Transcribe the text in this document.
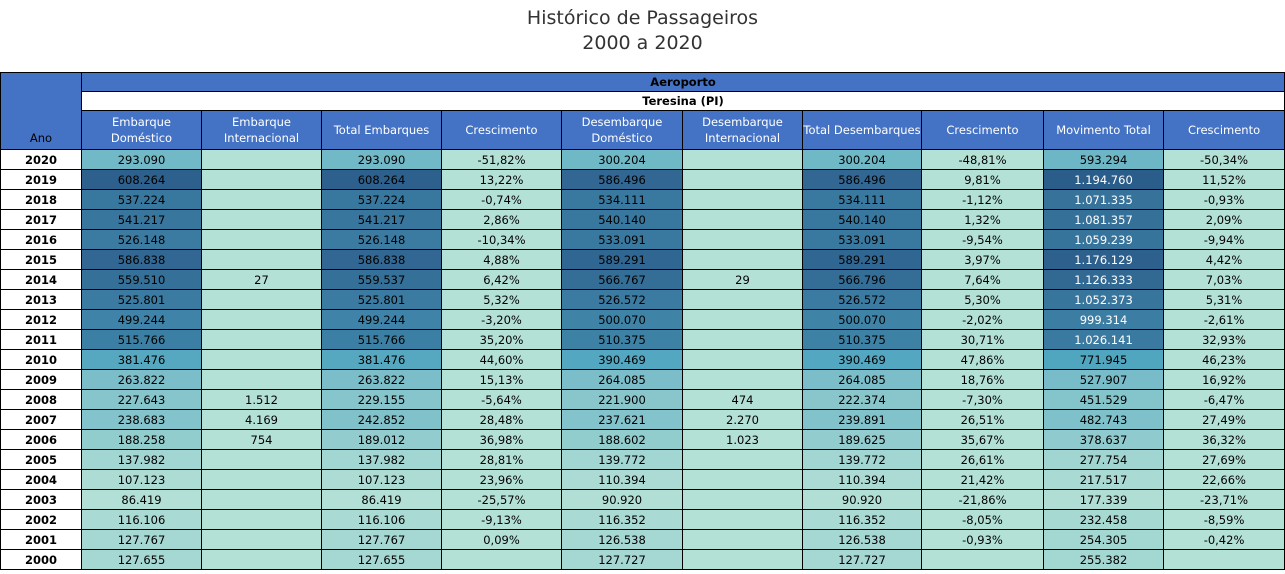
Histórico de Passageiros
2000 a 2020
Ano	Aeroporto									
	Teresina (PI)									
	Embarque Doméstico	Embarque Internacional	Total Embarques	Crescimento	Desembarque Doméstico	Desembarque Internacional	Total Desembarques	Crescimento	Movimento Total	Crescimento
2020	293.090		293.090	-51,82%	300.204		300.204	-48,81%	593.294	-50,34%
2019	608.264		608.264	13,22%	586.496		586.496	9,81%	1.194.760	11,52%
2018	537.224		537.224	-0,74%	534.111		534.111	-1,12%	1.071.335	-0,93%
2017	541.217		541.217	2,86%	540.140		540.140	1,32%	1.081.357	2,09%
2016	526.148		526.148	-10,34%	533.091		533.091	-9,54%	1.059.239	-9,94%
2015	586.838		586.838	4,88%	589.291		589.291	3,97%	1.176.129	4,42%
2014	559.510	27	559.537	6,42%	566.767	29	566.796	7,64%	1.126.333	7,03%
2013	525.801		525.801	5,32%	526.572		526.572	5,30%	1.052.373	5,31%
2012	499.244		499.244	-3,20%	500.070		500.070	-2,02%	999.314	-2,61%
2011	515.766		515.766	35,20%	510.375		510.375	30,71%	1.026.141	32,93%
2010	381.476		381.476	44,60%	390.469		390.469	47,86%	771.945	46,23%
2009	263.822		263.822	15,13%	264.085		264.085	18,76%	527.907	16,92%
2008	227.643	1.512	229.155	-5,64%	221.900	474	222.374	-7,30%	451.529	-6,47%
2007	238.683	4.169	242.852	28,48%	237.621	2.270	239.891	26,51%	482.743	27,49%
2006	188.258	754	189.012	36,98%	188.602	1.023	189.625	35,67%	378.637	36,32%
2005	137.982		137.982	28,81%	139.772		139.772	26,61%	277.754	27,69%
2004	107.123		107.123	23,96%	110.394		110.394	21,42%	217.517	22,66%
2003	86.419		86.419	-25,57%	90.920		90.920	-21,86%	177.339	-23,71%
2002	116.106		116.106	-9,13%	116.352		116.352	-8,05%	232.458	-8,59%
2001	127.767		127.767	0,09%	126.538		126.538	-0,93%	254.305	-0,42%
2000	127.655		127.655		127.727		127.727		255.382	
